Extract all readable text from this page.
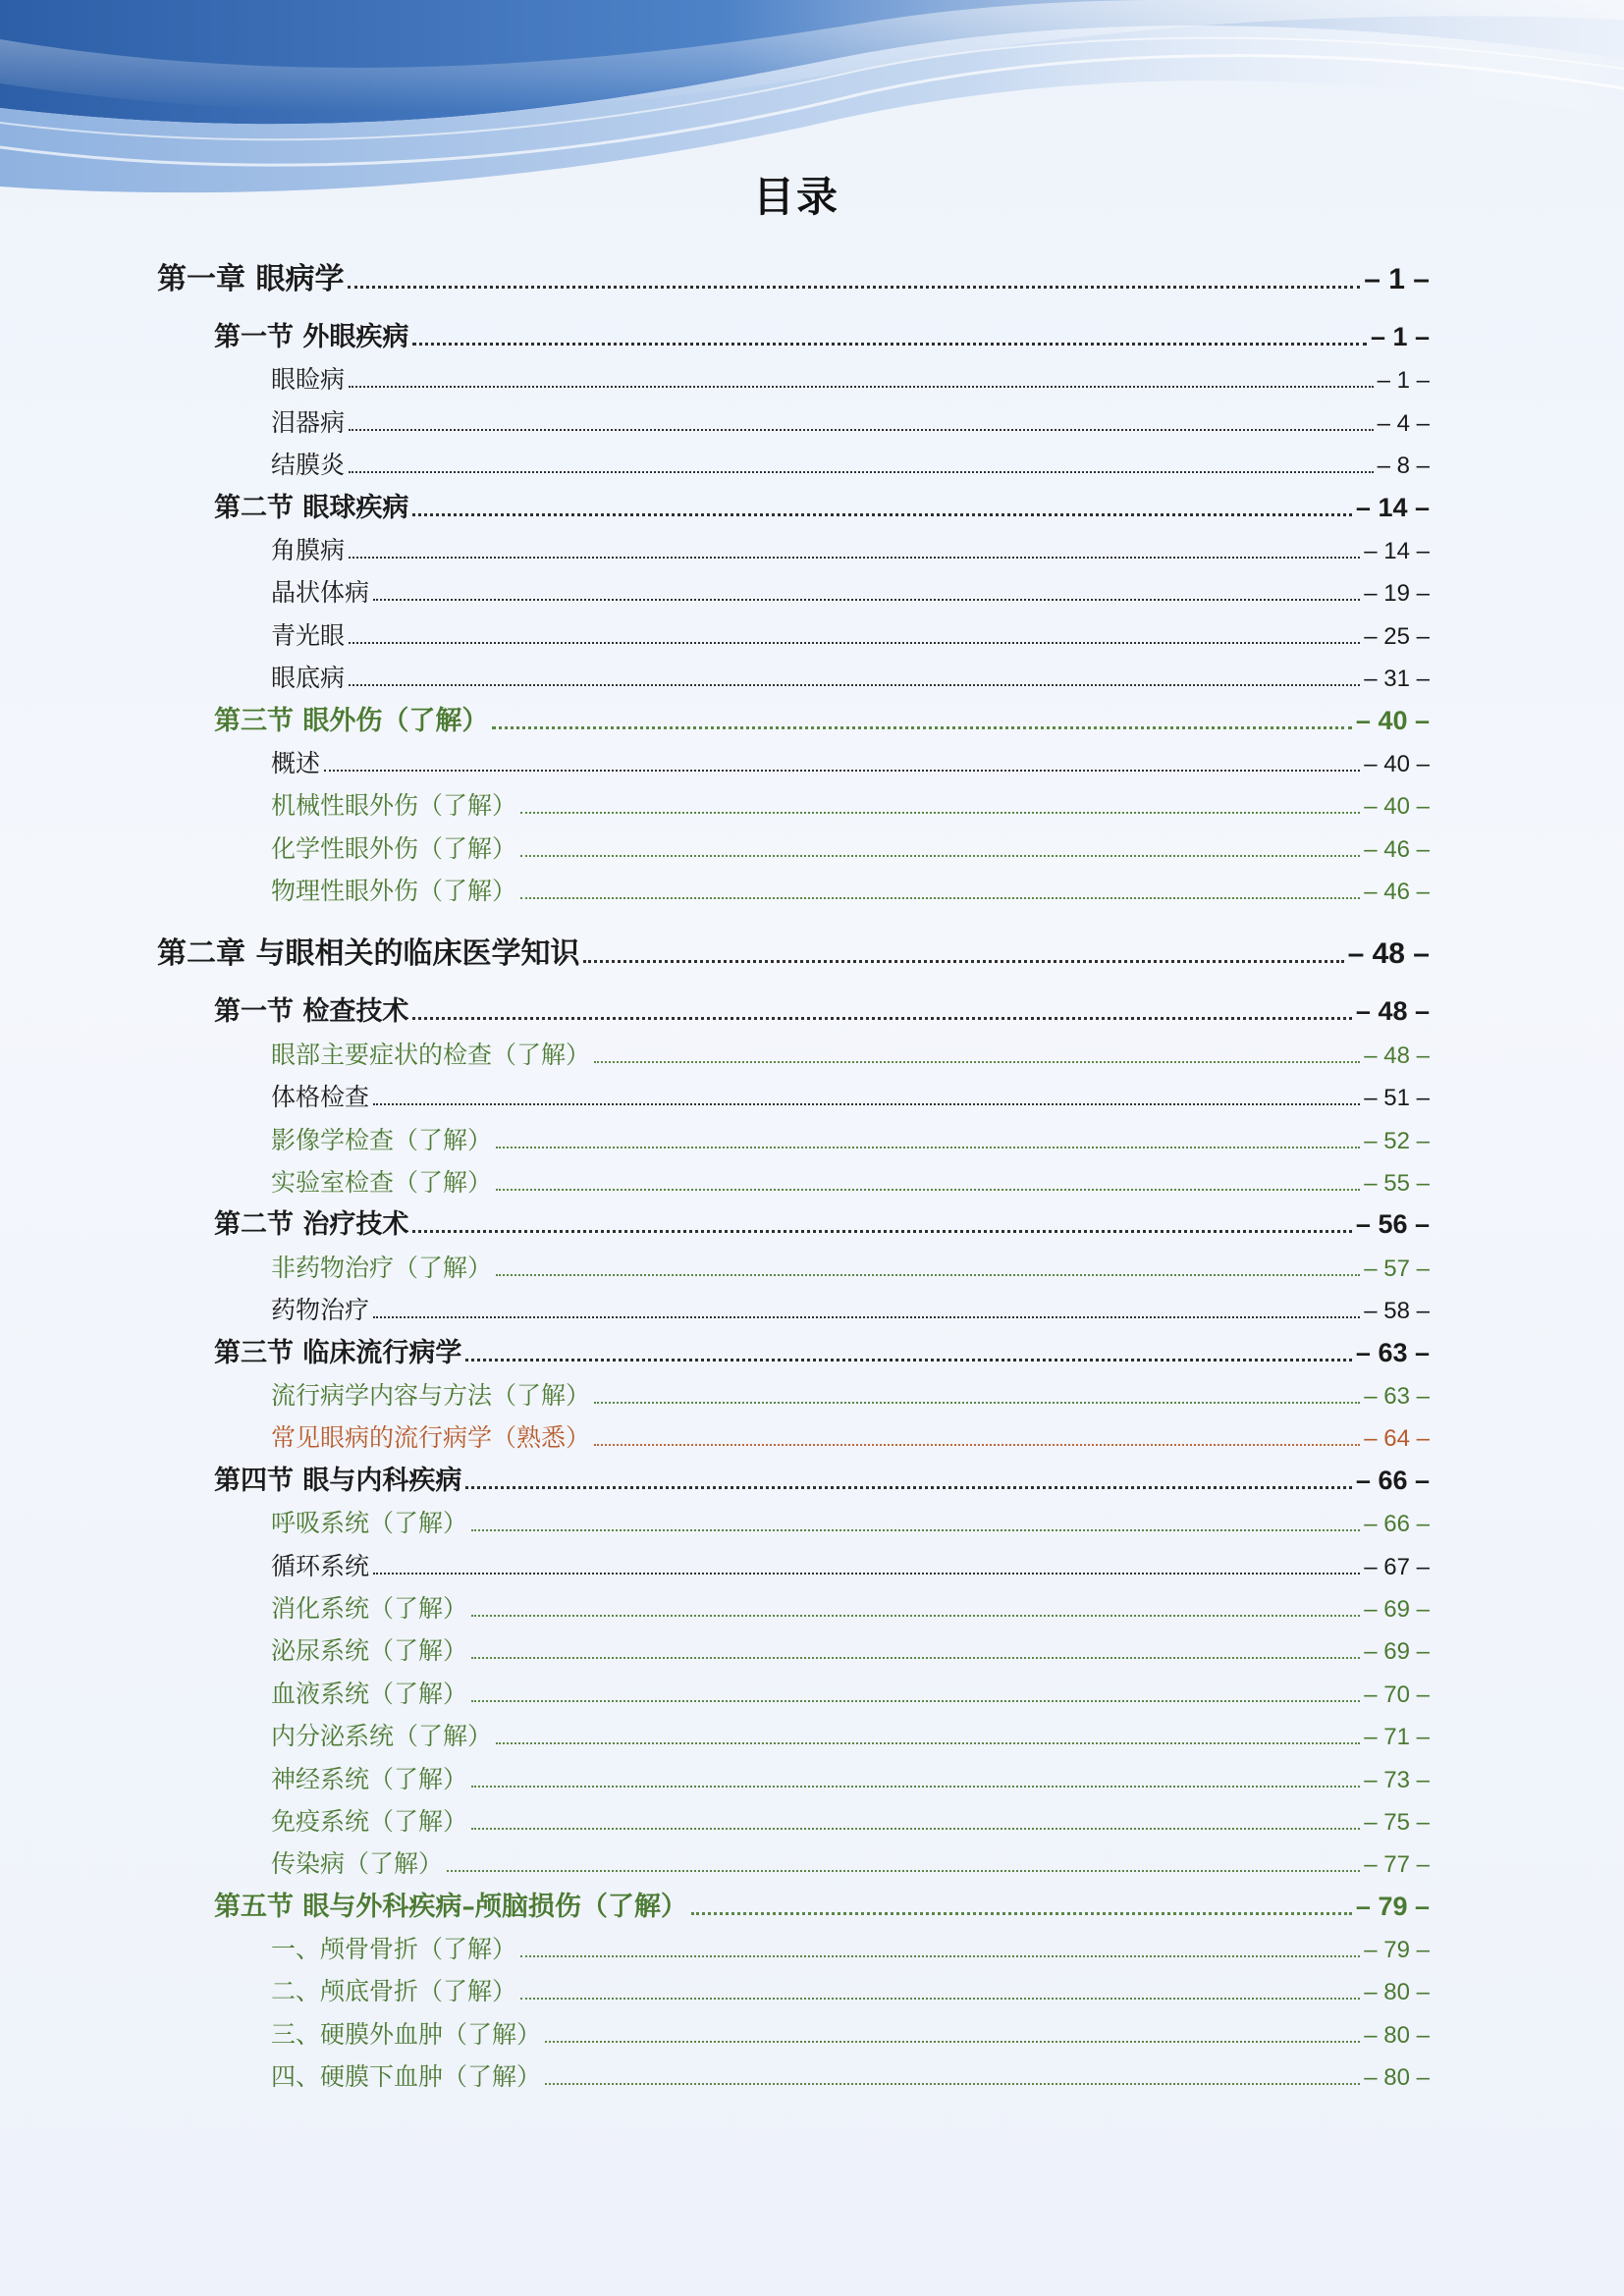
目录
第一章 眼病学	– 1 –
第一节 外眼疾病	– 1 –
眼睑病	– 1 –
泪器病	– 4 –
结膜炎	– 8 –
第二节 眼球疾病	– 14 –
角膜病	– 14 –
晶状体病	– 19 –
青光眼	– 25 –
眼底病	– 31 –
第三节 眼外伤（了解）	– 40 –
概述	– 40 –
机械性眼外伤（了解）	– 40 –
化学性眼外伤（了解）	– 46 –
物理性眼外伤（了解）	– 46 –
第二章 与眼相关的临床医学知识	– 48 –
第一节 检查技术	– 48 –
眼部主要症状的检查（了解）	– 48 –
体格检查	– 51 –
影像学检查（了解）	– 52 –
实验室检查（了解）	– 55 –
第二节 治疗技术	– 56 –
非药物治疗（了解）	– 57 –
药物治疗	– 58 –
第三节 临床流行病学	– 63 –
流行病学内容与方法（了解）	– 63 –
常见眼病的流行病学（熟悉）	– 64 –
第四节 眼与内科疾病	– 66 –
呼吸系统（了解）	– 66 –
循环系统	– 67 –
消化系统（了解）	– 69 –
泌尿系统（了解）	– 69 –
血液系统（了解）	– 70 –
内分泌系统（了解）	– 71 –
神经系统（了解）	– 73 –
免疫系统（了解）	– 75 –
传染病（了解）	– 77 –
第五节 眼与外科疾病–颅脑损伤（了解）	– 79 –
一、颅骨骨折（了解）	– 79 –
二、颅底骨折（了解）	– 80 –
三、硬膜外血肿（了解）	– 80 –
四、硬膜下血肿（了解）	– 80 –
